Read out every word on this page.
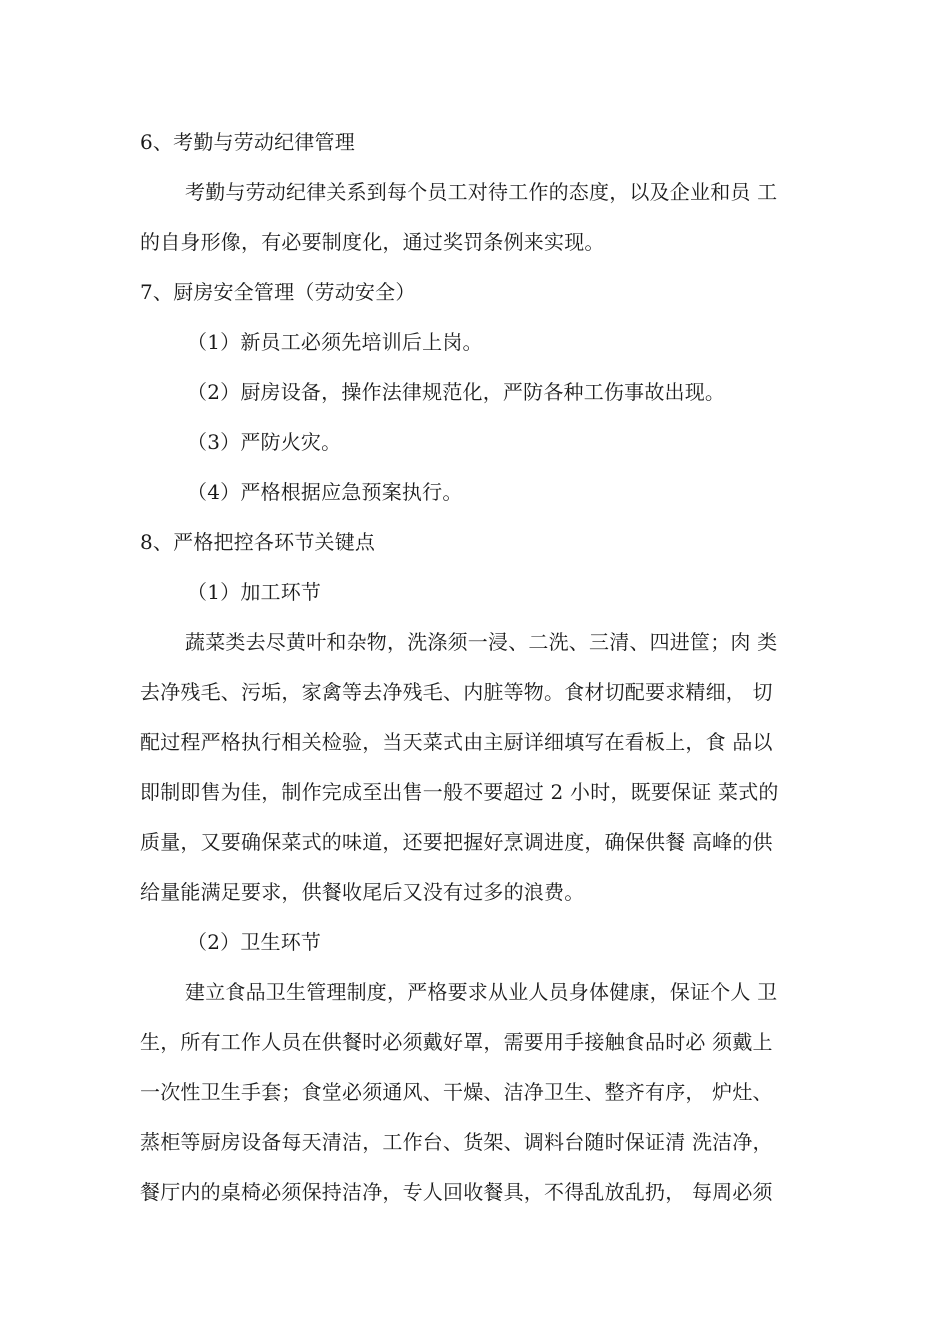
6、考勤与劳动纪律管理
考勤与劳动纪律关系到每个员工对待工作的态度，以及企业和员 工
的自身形像，有必要制度化，通过奖罚条例来实现。
7、厨房安全管理（劳动安全）
（1）新员工必须先培训后上岗。
（2）厨房设备，操作法律规范化，严防各种工伤事故出现。
（3）严防火灾。
（4）严格根据应急预案执行。
8、严格把控各环节关键点
（1）加工环节
蔬菜类去尽黄叶和杂物，洗涤须一浸、二洗、三清、四进筐；肉 类
去净残毛、污垢，家禽等去净残毛、内脏等物。食材切配要求精细， 切
配过程严格执行相关检验，当天菜式由主厨详细填写在看板上，食 品以
即制即售为佳，制作完成至出售一般不要超过 2 小时，既要保证 菜式的
质量，又要确保菜式的味道，还要把握好烹调进度，确保供餐 高峰的供
给量能满足要求，供餐收尾后又没有过多的浪费。
（2）卫生环节
建立食品卫生管理制度，严格要求从业人员身体健康，保证个人 卫
生，所有工作人员在供餐时必须戴好罩，需要用手接触食品时必 须戴上
一次性卫生手套；食堂必须通风、干燥、洁净卫生、整齐有序， 炉灶、
蒸柜等厨房设备每天清洁，工作台、货架、调料台随时保证清 洗洁净，
餐厅内的桌椅必须保持洁净，专人回收餐具，不得乱放乱扔， 每周必须
